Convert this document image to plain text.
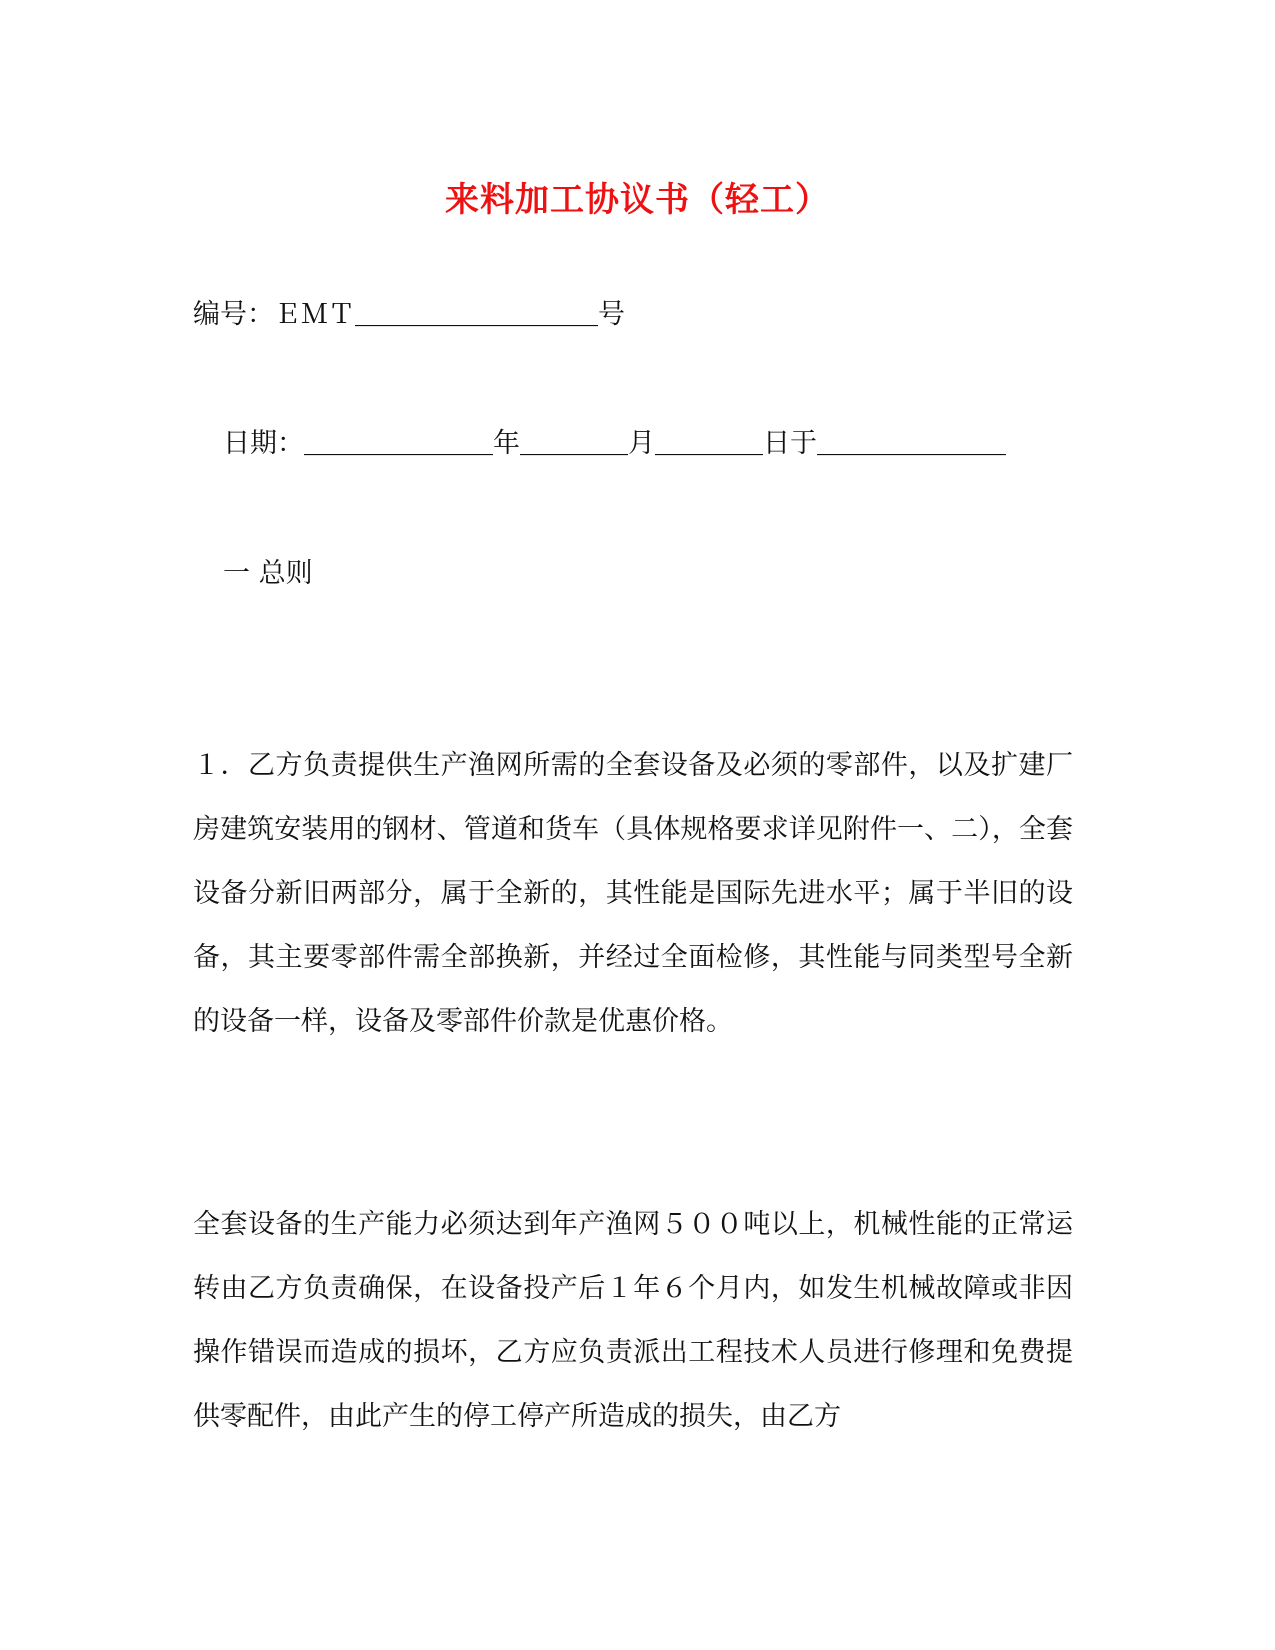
来料加工协议书（轻工）
编号：ＥＭＴ＿＿＿＿＿＿＿＿＿号
日期：＿＿＿＿＿＿＿年＿＿＿＿月＿＿＿＿日于＿＿＿＿＿＿＿
一 总则
１．乙方负责提供生产渔网所需的全套设备及必须的零部件，以及扩建厂房建筑安装用的钢材、管道和货车（具体规格要求详见附件一、二），全套设备分新旧两部分，属于全新的，其性能是国际先进水平；属于半旧的设备，其主要零部件需全部换新，并经过全面检修，其性能与同类型号全新的设备一样，设备及零部件价款是优惠价格。
全套设备的生产能力必须达到年产渔网５００吨以上，机械性能的正常运转由乙方负责确保，在设备投产后１年６个月内，如发生机械故障或非因操作错误而造成的损坏，乙方应负责派出工程技术人员进行修理和免费提供零配件，由此产生的停工停产所造成的损失，由乙方
